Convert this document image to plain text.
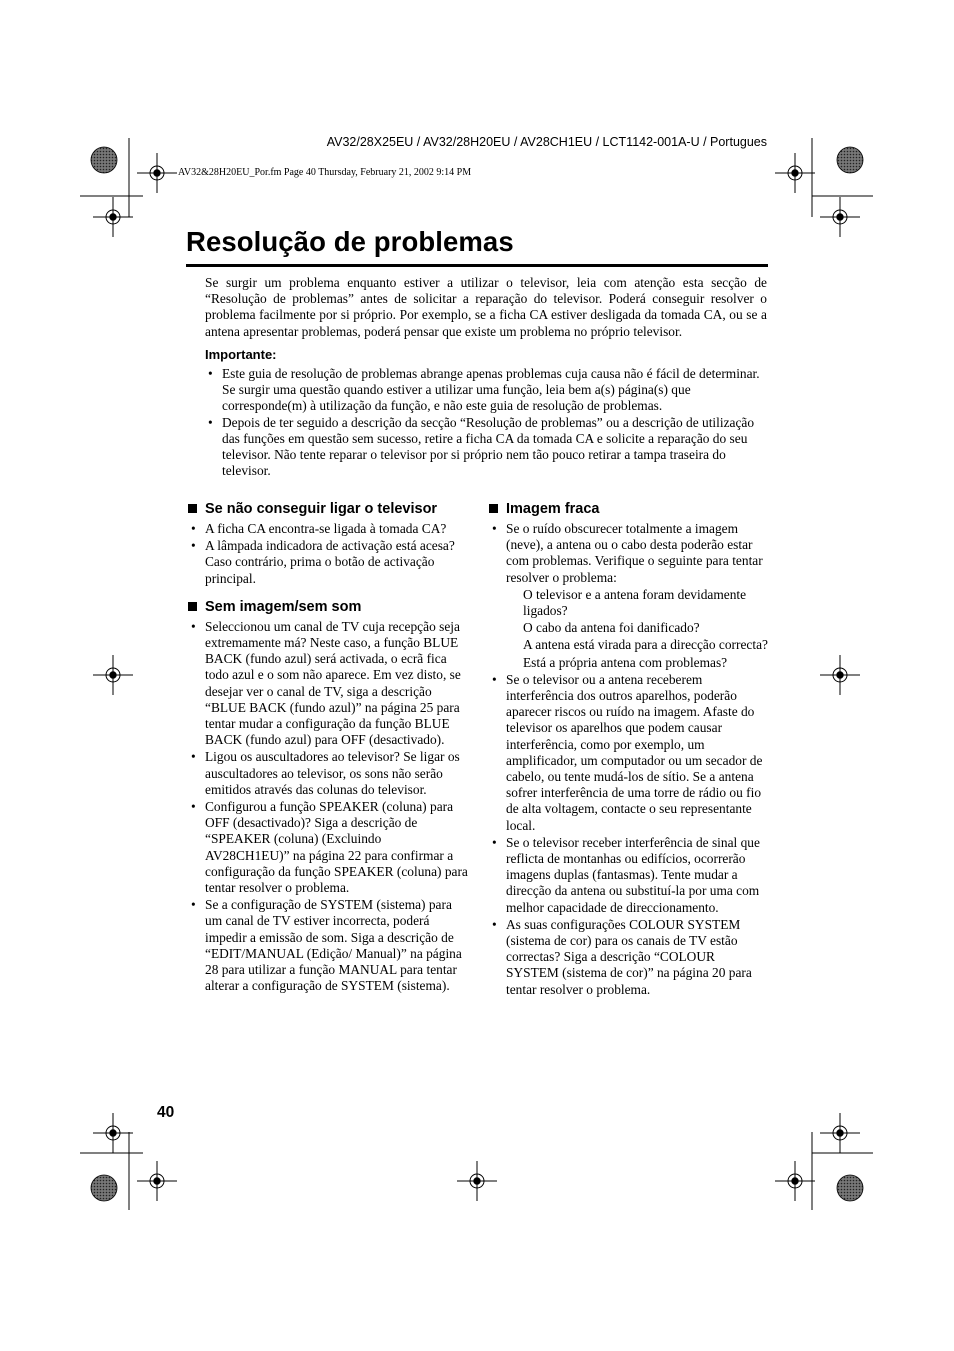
AV32/28X25EU / AV32/28H20EU / AV28CH1EU / LCT1142-001A-U / Portugues
AV32&28H20EU_Por.fm Page 40 Thursday, February 21, 2002 9:14 PM
Resolução de problemas

Se surgir um problema enquanto estiver a utilizar o televisor, leia com atenção esta secção de “Resolução de problemas” antes de solicitar a reparação do televisor. Poderá conseguir resolver o problema facilmente por si próprio. Por exemplo, se a ficha CA estiver desligada da tomada CA, ou se a antena apresentar problemas, poderá pensar que existe um problema no próprio televisor.

Importante:
• Este guia de resolução de problemas abrange apenas problemas cuja causa não é fácil de determinar. Se surgir uma questão quando estiver a utilizar uma função, leia bem a(s) página(s) que corresponde(m) à utilização da função, e não este guia de resolução de problemas.
• Depois de ter seguido a descrição da secção “Resolução de problemas” ou a descrição de utilização das funções em questão sem sucesso, retire a ficha CA da tomada CA e solicite a reparação do seu televisor. Não tente reparar o televisor por si próprio nem tão pouco retirar a tampa traseira do televisor.
Se não conseguir ligar o televisor
• A ficha CA encontra-se ligada à tomada CA?
• A lâmpada indicadora de activação está acesa? Caso contrário, prima o botão de activação principal.
Sem imagem/sem som
• Seleccionou um canal de TV cuja recepção seja extremamente má? Neste caso, a função BLUE BACK (fundo azul) será activada, o ecrã fica todo azul e o som não aparece. Em vez disto, se desejar ver o canal de TV, siga a descrição “BLUE BACK (fundo azul)” na página 25 para tentar mudar a configuração da função BLUE BACK (fundo azul) para OFF (desactivado).
• Ligou os auscultadores ao televisor? Se ligar os auscultadores ao televisor, os sons não serão emitidos através das colunas do televisor.
• Configurou a função SPEAKER (coluna) para OFF (desactivado)? Siga a descrição de “SPEAKER (coluna) (Excluindo AV28CH1EU)” na página 22 para confirmar a configuração da função SPEAKER (coluna) para tentar resolver o problema.
• Se a configuração de SYSTEM (sistema) para um canal de TV estiver incorrecta, poderá impedir a emissão de som. Siga a descrição de “EDIT/MANUAL (Edição/ Manual)” na página 28 para utilizar a função MANUAL para tentar alterar a configuração de SYSTEM (sistema).
Imagem fraca
• Se o ruído obscurecer totalmente a imagem (neve), a antena ou o cabo desta poderão estar com problemas. Verifique o seguinte para tentar resolver o problema:
O televisor e a antena foram devidamente ligados?
O cabo da antena foi danificado?
A antena está virada para a direcção correcta?
Está a própria antena com problemas?
• Se o televisor ou a antena receberem interferência dos outros aparelhos, poderão aparecer riscos ou ruído na imagem. Afaste do televisor os aparelhos que podem causar interferência, como por exemplo, um amplificador, um computador ou um secador de cabelo, ou tente mudá-los de sítio. Se a antena sofrer interferência de uma torre de rádio ou fio de alta voltagem, contacte o seu representante local.
• Se o televisor receber interferência de sinal que reflicta de montanhas ou edifícios, ocorrerão imagens duplas (fantasmas). Tente mudar a direcção da antena ou substituí-la por uma com melhor capacidade de direccionamento.
• As suas configurações COLOUR SYSTEM (sistema de cor) para os canais de TV estão correctas? Siga a descrição “COLOUR SYSTEM (sistema de cor)” na página 20 para tentar resolver o problema.
40
